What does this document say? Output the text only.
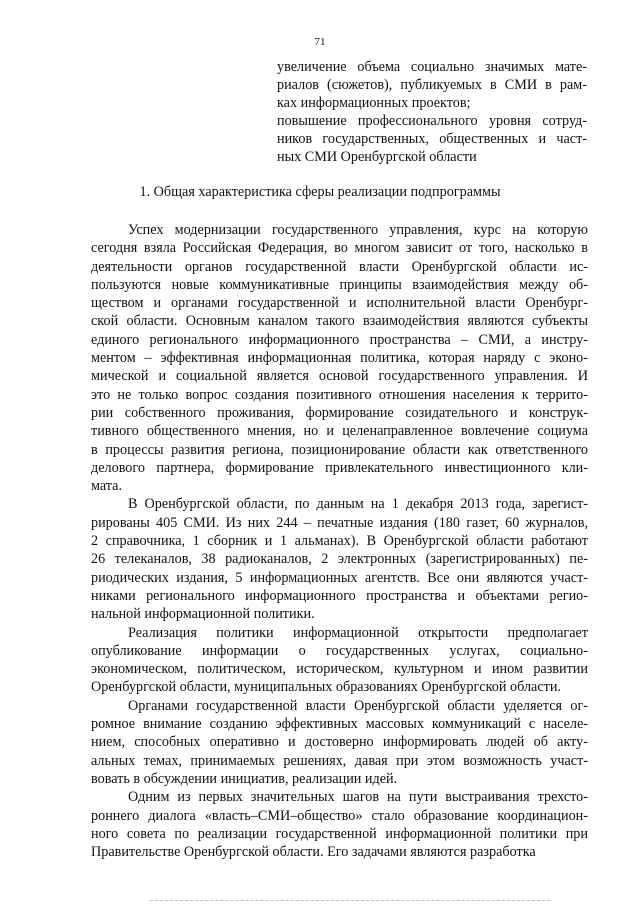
71
увеличение объема социально значимых мате-
риалов (сюжетов), публикуемых в СМИ в рам-
ках информационных проектов;
повышение профессионального уровня сотруд-
ников государственных, общественных и част-
ных СМИ Оренбургской области
1. Общая характеристика сферы реализации подпрограммы
Успех модернизации государственного управления, курс на которую
сегодня взяла Российская Федерация, во многом зависит от того, насколько в
деятельности органов государственной власти Оренбургской области ис-
пользуются новые коммуникативные принципы взаимодействия между об-
ществом и органами государственной и исполнительной власти Оренбург-
ской области. Основным каналом такого взаимодействия являются субъекты
единого регионального информационного пространства – СМИ, а инстру-
ментом – эффективная информационная политика, которая наряду с эконо-
мической и социальной является основой государственного управления. И
это не только вопрос создания позитивного отношения населения к террито-
рии собственного проживания, формирование созидательного и конструк-
тивного общественного мнения, но и целенаправленное вовлечение социума
в процессы развития региона, позиционирование области как ответственного
делового партнера, формирование привлекательного инвестиционного кли-
мата.
В Оренбургской области, по данным на 1 декабря 2013 года, зарегист-
рированы 405 СМИ. Из них 244 – печатные издания (180 газет, 60 журналов,
2 справочника, 1 сборник и 1 альманах). В Оренбургской области работают
26 телеканалов, 38 радиоканалов, 2 электронных (зарегистрированных) пе-
риодических издания, 5 информационных агентств. Все они являются участ-
никами регионального информационного пространства и объектами регио-
нальной информационной политики.
Реализация политики информационной открытости предполагает
опубликование информации о государственных услугах, социально-
экономическом, политическом, историческом, культурном и ином развитии
Оренбургской области, муниципальных образованиях Оренбургской области.
Органами государственной власти Оренбургской области уделяется ог-
ромное внимание созданию эффективных массовых коммуникаций с населе-
нием, способных оперативно и достоверно информировать людей об акту-
альных темах, принимаемых решениях, давая при этом возможность участ-
вовать в обсуждении инициатив, реализации идей.
Одним из первых значительных шагов на пути выстраивания трехсто-
роннего диалога «власть–СМИ–общество» стало образование координацион-
ного совета по реализации государственной информационной политики при
Правительстве Оренбургской области. Его задачами являются разработка
